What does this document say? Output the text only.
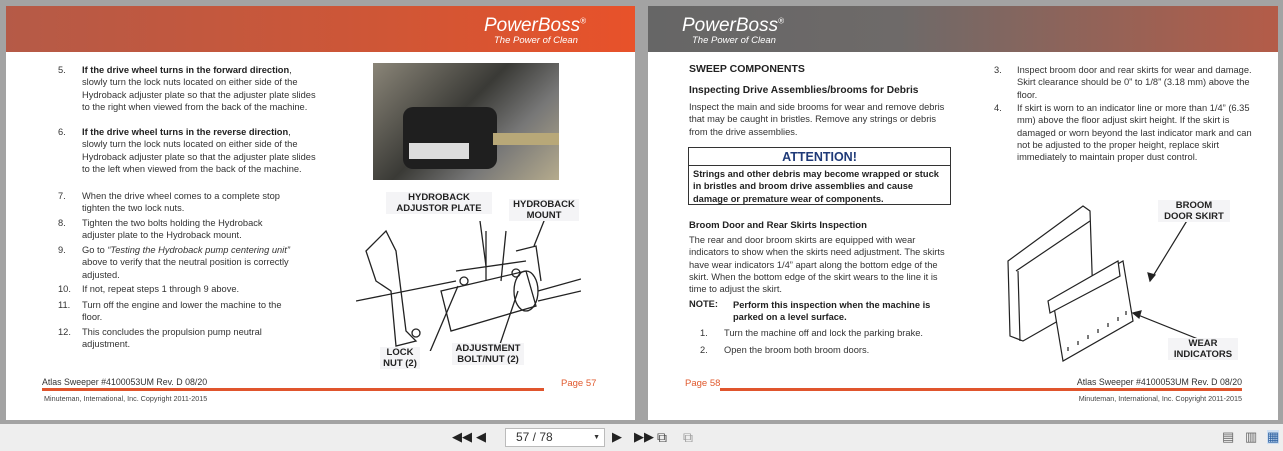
PowerBoss®
The Power of Clean
5.	If the drive wheel turns in the forward direction, slowly turn the lock nuts located on either side of the Hydroback adjuster plate so that the adjuster plate slides to the right when viewed from the back of the machine.
6.	If the drive wheel turns in the reverse direction, slowly turn the lock nuts located on either side of the Hydroback adjuster plate so that the adjuster plate slides to the left when viewed from the back of the machine.
7.	When the drive wheel comes to a complete stop tighten the two lock nuts.
8.	Tighten the two bolts holding the Hydroback adjuster plate to the Hydroback mount.
9.	Go to “Testing the Hydroback pump centering unit” above to verify that the neutral position is correctly adjusted.
10.	If not, repeat steps 1 through 9 above.
11.	Turn off the engine and lower the machine to the floor.
12.	This concludes the propulsion pump neutral adjustment.
HYDROBACK ADJUSTOR PLATE	HYDROBACK MOUNT
LOCK NUT (2)
ADJUSTMENT BOLT/NUT (2)
Atlas Sweeper #4100053UM Rev. D 08/20
Minuteman, International, Inc. Copyright 2011-2015
Page 57
PowerBoss®
The Power of Clean
SWEEP COMPONENTS
Inspecting Drive Assemblies/brooms for Debris
Inspect the main and side brooms for wear and remove debris that may be caught in bristles. Remove any strings or debris from the drive assemblies.
ATTENTION!
Strings and other debris may become wrapped or stuck in bristles and broom drive assemblies and cause damage or premature wear of components.
Broom Door and Rear Skirts Inspection
The rear and door broom skirts are equipped with wear indicators to show when the skirts need adjustment. The skirts have wear indicators 1/4” apart along the bottom edge of the skirt. When the bottom edge of the skirt wears to the line it is time to adjust the skirt.
NOTE: Perform this inspection when the machine is parked on a level surface.
1.	Turn the machine off and lock the parking brake.
2.	Open the broom both broom doors.
3.	Inspect broom door and rear skirts for wear and damage. Skirt clearance should be 0” to 1/8” (3.18 mm) above the floor.
4.	If skirt is worn to an indicator line or more than 1/4” (6.35 mm) above the floor adjust skirt height. If the skirt is damaged or worn beyond the last indicator mark and can not be adjusted to the proper height, replace skirt immediately to maintain proper dust control.
BROOM DOOR SKIRT
WEAR INDICATORS
Page 58	Atlas Sweeper #4100053UM Rev. D 08/20
Minuteman, International, Inc. Copyright 2011-2015
◀◀ ◀	57 / 78	▼ ▶ ▶▶ ⧉ ⧉	▤ ▥ ▦
